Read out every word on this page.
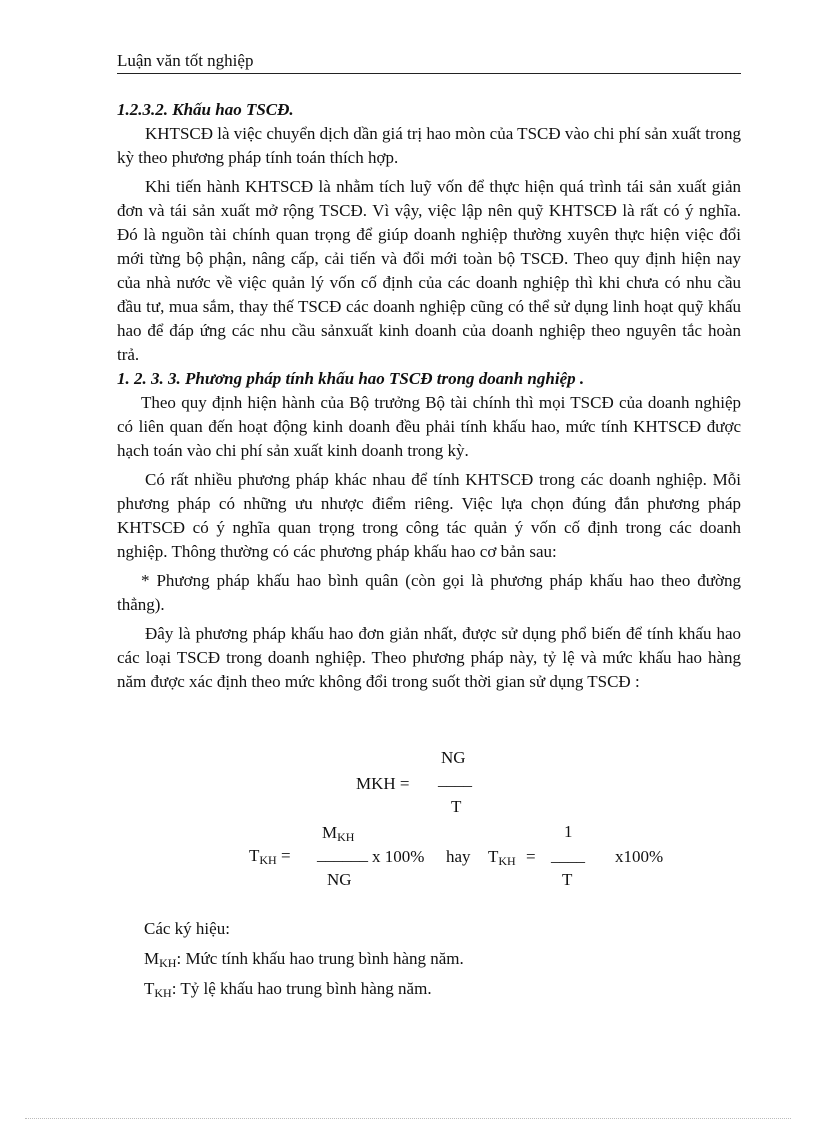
Luận văn tốt nghiệp

1.2.3.2. Khấu hao TSCĐ.

KHTSCĐ là việc chuyển dịch dần giá trị hao mòn của TSCĐ vào chi phí sản xuất trong kỳ theo phương pháp tính toán thích hợp.

Khi tiến hành KHTSCĐ là nhằm tích luỹ vốn để thực hiện quá trình tái sản xuất giản đơn và tái sản xuất mở rộng TSCĐ. Vì vậy, việc lập nên quỹ KHTSCĐ là rất có ý nghĩa. Đó là nguồn tài chính quan trọng để giúp doanh nghiệp thường xuyên thực hiện việc đổi mới từng bộ phận, nâng cấp, cải tiến và đổi mới toàn bộ TSCĐ. Theo quy định hiện nay của nhà nước về việc quản lý vốn cố định của các doanh nghiệp thì khi chưa có nhu cầu đầu tư, mua sắm, thay thế TSCĐ các doanh nghiệp cũng có thể sử dụng linh hoạt quỹ khấu hao để đáp ứng các nhu cầu sảnxuất kinh doanh của doanh nghiệp theo nguyên tắc hoàn trả.

1. 2. 3. 3. Phương pháp tính khấu hao TSCĐ trong doanh nghiệp .

Theo quy định hiện hành của Bộ trưởng Bộ tài chính thì mọi TSCĐ của doanh nghiệp có liên quan đến hoạt động kinh doanh đều phải tính khấu hao, mức tính KHTSCĐ được hạch toán vào chi phí sản xuất kinh doanh trong kỳ.

Có rất nhiều phương pháp khác nhau để tính KHTSCĐ trong các doanh nghiệp. Mỗi phương pháp có những ưu nhược điểm riêng. Việc lựa chọn đúng đắn phương pháp KHTSCĐ có ý nghĩa quan trọng trong công tác quản ý vốn cố định trong các doanh nghiệp. Thông thường có các phương pháp khấu hao cơ bản sau:

* Phương pháp khấu hao bình quân (còn gọi là phương pháp khấu hao theo đường thẳng).

Đây là phương pháp khấu hao đơn giản nhất, được sử dụng phổ biến để tính khấu hao các loại TSCĐ trong doanh nghiệp. Theo phương pháp này, tỷ lệ và mức khấu hao hàng năm được xác định theo mức không đổi trong suốt thời gian sử dụng TSCĐ :

MKH =
NG
____
T
$T_{KH}$ =
$M_{KH}$
______
NG
x 100% hay $T_{KH}$ =
1
____
T
x100%
Các ký hiệu:
$M_{KH}$: Mức tính khấu hao trung bình hàng năm.
$T_{KH}$: Tỷ lệ khấu hao trung bình hàng năm.
